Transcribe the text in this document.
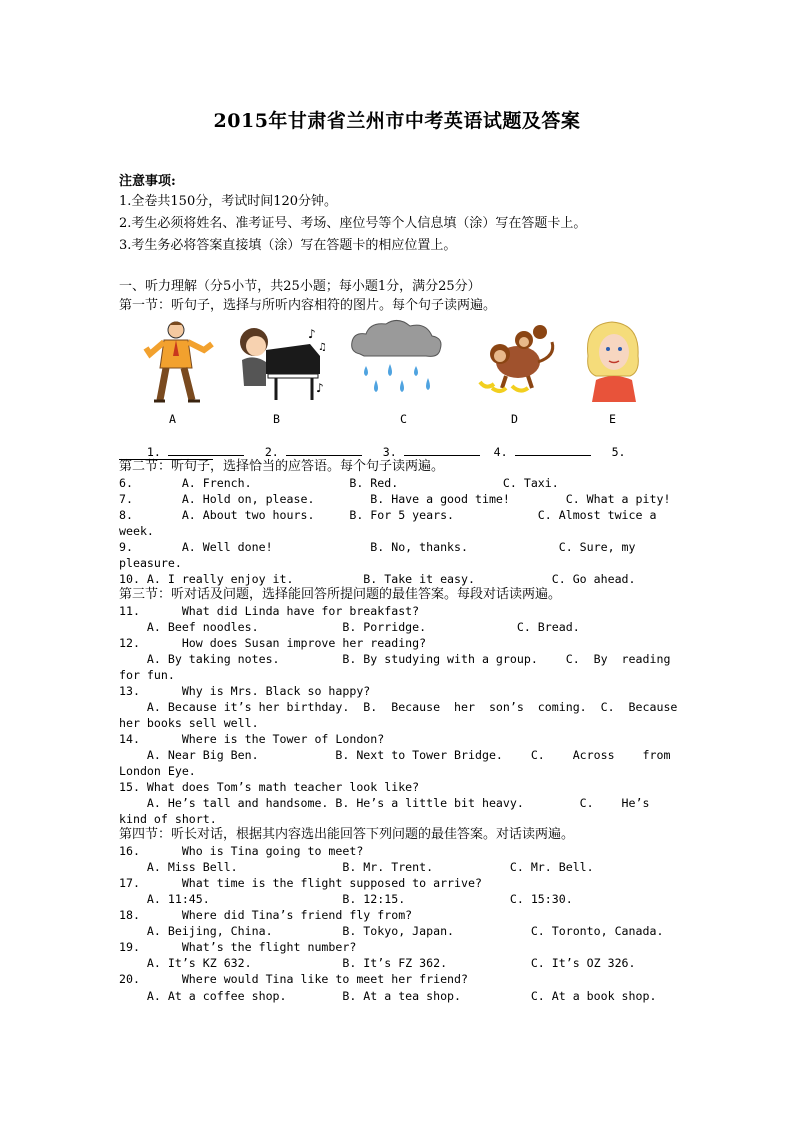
2015年甘肃省兰州市中考英语试题及答案
注意事项:
1.全卷共150分，考试时间120分钟。
2.考生必须将姓名、准考证号、考场、座位号等个人信息填（涂）写在答题卡上。
3.考生务必将答案直接填（涂）写在答题卡的相应位置上。
一、听力理解（分5小节，共25小题；每小题1分，满分25分）
第一节：听句子，选择与所听内容相符的图片。每个句子读两遍。
♪
♫
♪
A	B	C	D	E

1.	2.	3.	4.	5.

第二节：听句子，选择恰当的应答语。每个句子读两遍。
6.       A. French.              B. Red.               C. Taxi.
7.       A. Hold on, please.        B. Have a good time!        C. What a pity!
8.       A. About two hours.     B. For 5 years.            C. Almost twice a
week.
9.       A. Well done!              B. No, thanks.             C. Sure, my
pleasure.
10. A. I really enjoy it.          B. Take it easy.           C. Go ahead.
第三节：听对话及问题，选择能回答所提问题的最佳答案。每段对话读两遍。
11.      What did Linda have for breakfast?
A. Beef noodles.            B. Porridge.             C. Bread.
12.      How does Susan improve her reading?
A. By taking notes.         B. By studying with a group.    C.  By  reading
for fun.
13.      Why is Mrs. Black so happy?
A. Because it’s her birthday.  B.  Because  her  son’s  coming.  C.  Because
her books sell well.
14.      Where is the Tower of London?
A. Near Big Ben.           B. Next to Tower Bridge.    C.    Across    from
London Eye.
15. What does Tom’s math teacher look like?
A. He’s tall and handsome. B. He’s a little bit heavy.        C.    He’s
kind of short.
第四节：听长对话，根据其内容选出能回答下列问题的最佳答案。对话读两遍。
16.      Who is Tina going to meet?
A. Miss Bell.               B. Mr. Trent.           C. Mr. Bell.
17.      What time is the flight supposed to arrive?
A. 11:45.                   B. 12:15.               C. 15:30.
18.      Where did Tina’s friend fly from?
A. Beijing, China.          B. Tokyo, Japan.           C. Toronto, Canada.
19.      What’s the flight number?
A. It’s KZ 632.             B. It’s FZ 362.            C. It’s OZ 326.
20.      Where would Tina like to meet her friend?
A. At a coffee shop.        B. At a tea shop.          C. At a book shop.
